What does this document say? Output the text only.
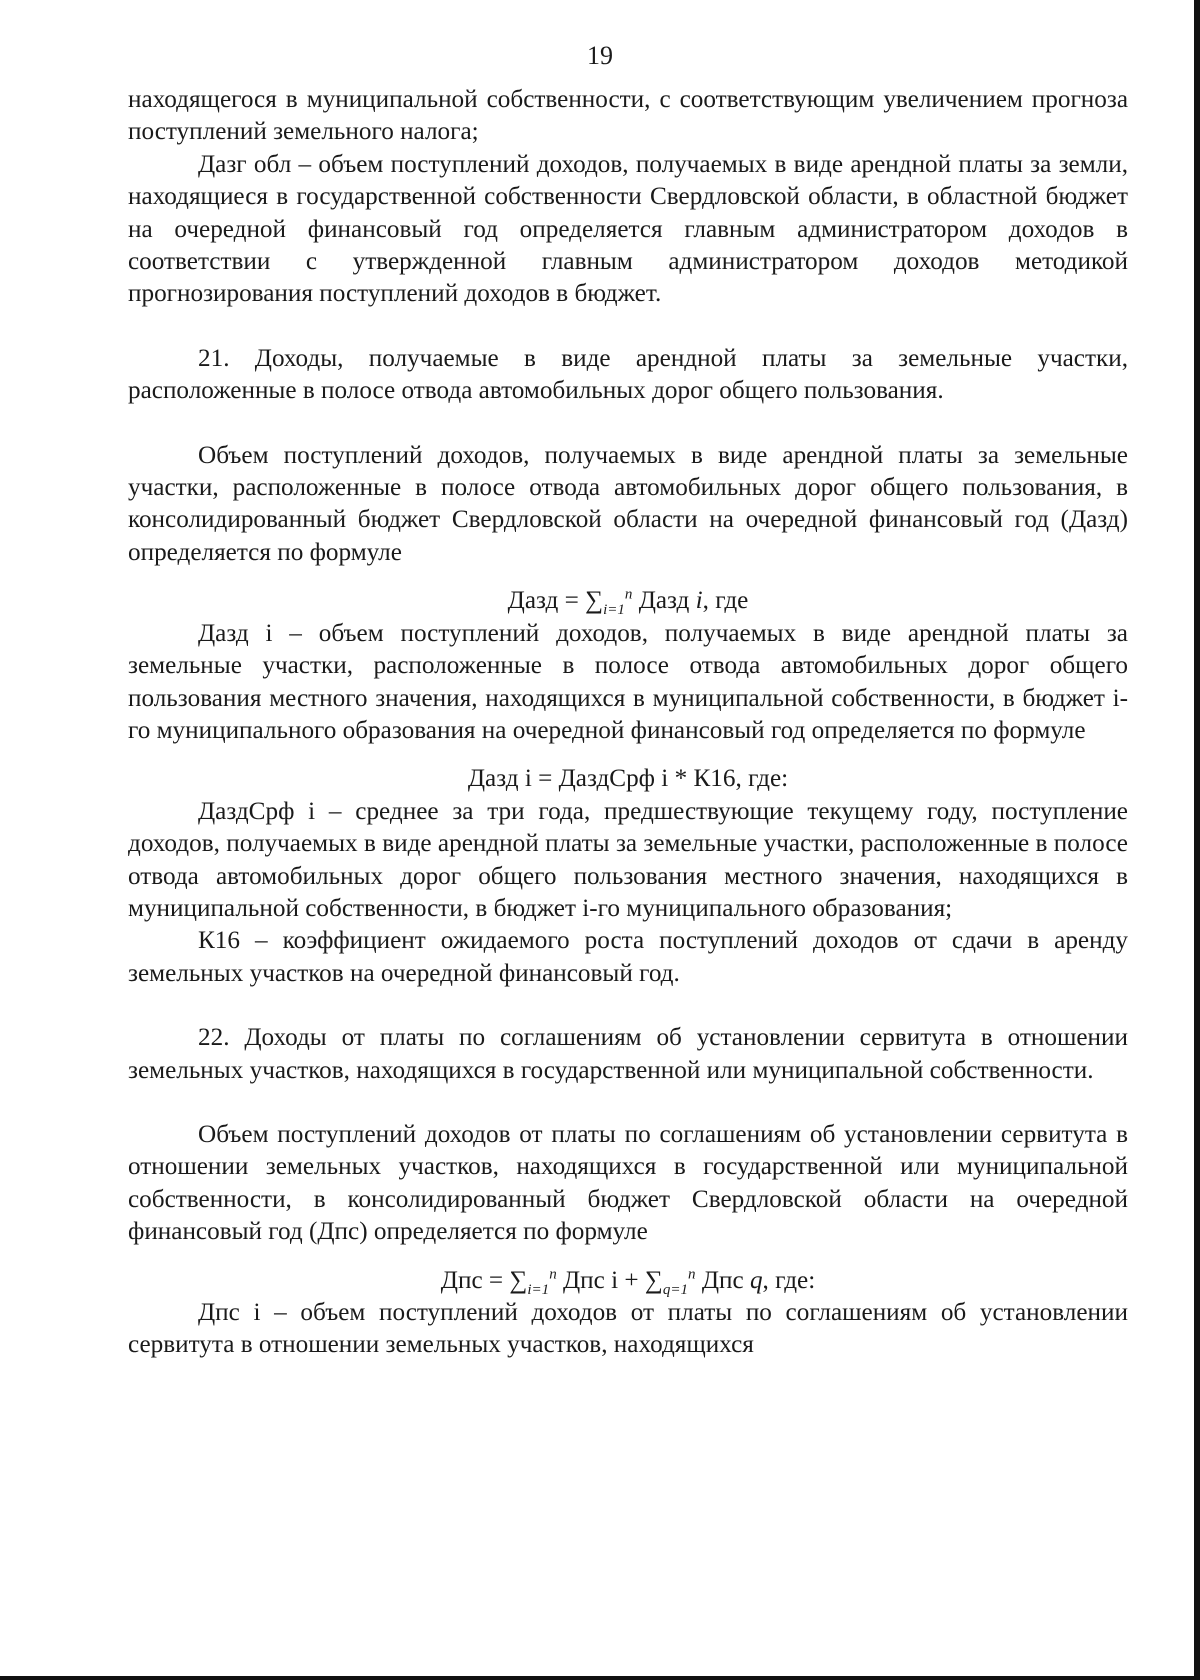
19

находящегося в муниципальной собственности, с соответствующим увеличением прогноза поступлений земельного налога;

Дазг обл – объем поступлений доходов, получаемых в виде арендной платы за земли, находящиеся в государственной собственности Свердловской области, в областной бюджет на очередной финансовый год определяется главным администратором доходов в соответствии с утвержденной главным администратором доходов методикой прогнозирования поступлений доходов в бюджет.

21. Доходы, получаемые в виде арендной платы за земельные участки, расположенные в полосе отвода автомобильных дорог общего пользования.

Объем поступлений доходов, получаемых в виде арендной платы за земельные участки, расположенные в полосе отвода автомобильных дорог общего пользования, в консолидированный бюджет Свердловской области на очередной финансовый год (Дазд) определяется по формуле

Дазд = $\sum_{i=1}^n$ Дазд i, где

Дазд i – объем поступлений доходов, получаемых в виде арендной платы за земельные участки, расположенные в полосе отвода автомобильных дорог общего пользования местного значения, находящихся в муниципальной собственности, в бюджет i-го муниципального образования на очередной финансовый год определяется по формуле

Дазд i = ДаздСрф i * К16, где:

ДаздСрф i – среднее за три года, предшествующие текущему году, поступление доходов, получаемых в виде арендной платы за земельные участки, расположенные в полосе отвода автомобильных дорог общего пользования местного значения, находящихся в муниципальной собственности, в бюджет i-го муниципального образования;

К16 – коэффициент ожидаемого роста поступлений доходов от сдачи в аренду земельных участков на очередной финансовый год.

22. Доходы от платы по соглашениям об установлении сервитута в отношении земельных участков, находящихся в государственной или муниципальной собственности.

Объем поступлений доходов от платы по соглашениям об установлении сервитута в отношении земельных участков, находящихся в государственной или муниципальной собственности, в консолидированный бюджет Свердловской области на очередной финансовый год (Дпс) определяется по формуле

Дпс = $\sum_{i=1}^n$ Дпс $i + \sum_{q=1}^n$ Дпс q, где:

Дпс i – объем поступлений доходов от платы по соглашениям об установлении сервитута в отношении земельных участков, находящихся
